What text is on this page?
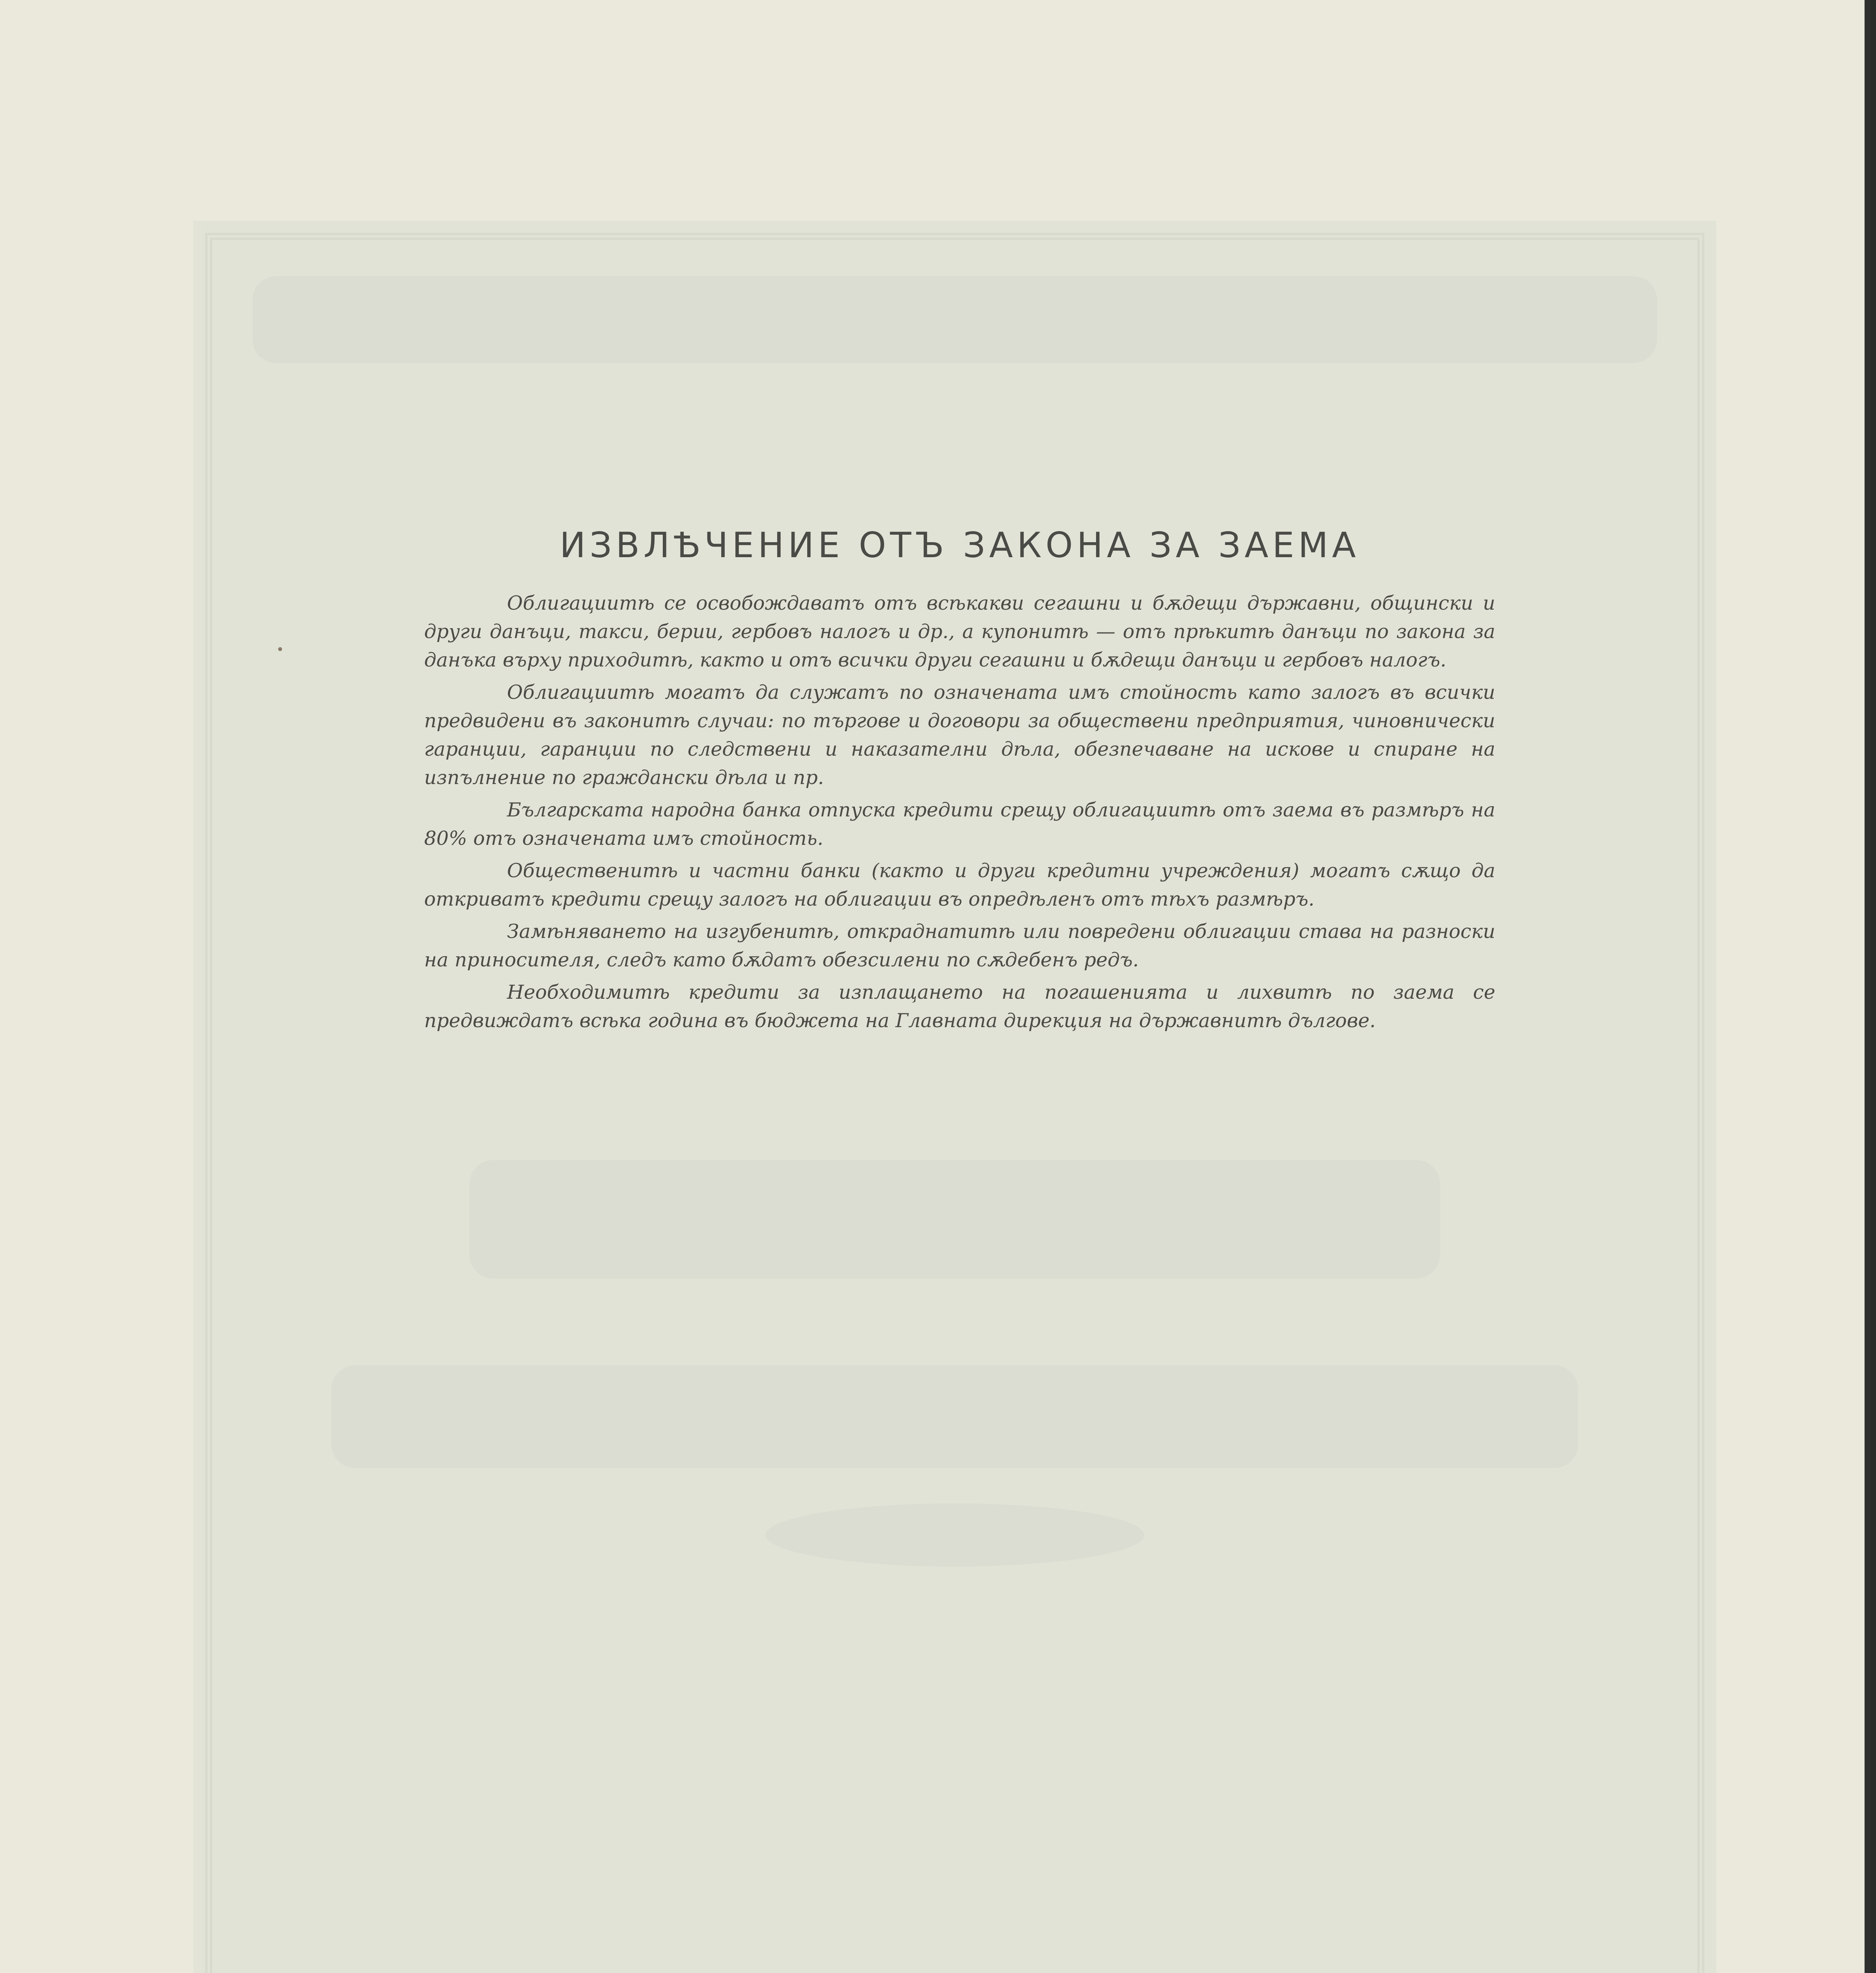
ИЗВЛѢЧЕНИЕ ОТЪ ЗАКОНА ЗА ЗАЕМА

Облигациитѣ се освобождаватъ отъ всѣкакви сегашни и бѫдещи държавни, общински и други данъци, такси, берии, гербовъ налогъ и др., а купонитѣ — отъ прѣкитѣ данъци по закона за данъка върху приходитѣ, както и отъ всички други сегашни и бѫдещи данъци и гербовъ налогъ.

Облигациитѣ могатъ да служатъ по означената имъ стойность като залогъ въ всички предвидени въ законитѣ случаи: по търгове и договори за обществени предприятия, чиновнически гаранции, гаранции по следствени и наказателни дѣла, обезпечаване на искове и спиране на изпълнение по граждански дѣла и пр.

Българската народна банка отпуска кредити срещу облигациитѣ отъ заема въ размѣръ на 80% отъ означената имъ стойность.

Общественитѣ и частни банки (както и други кредитни учреждения) могатъ сѫщо да откриватъ кредити срещу залогъ на облигации въ опредѣленъ отъ тѣхъ размѣръ.

Замѣняването на изгубенитѣ, откраднатитѣ или повредени облигации става на разноски на приносителя, следъ като бѫдатъ обезсилени по сѫдебенъ редъ.

Необходимитѣ кредити за изплащането на погашенията и лихвитѣ по заема се предвиждатъ всѣка година въ бюджета на Главната дирекция на държавнитѣ дългове.
